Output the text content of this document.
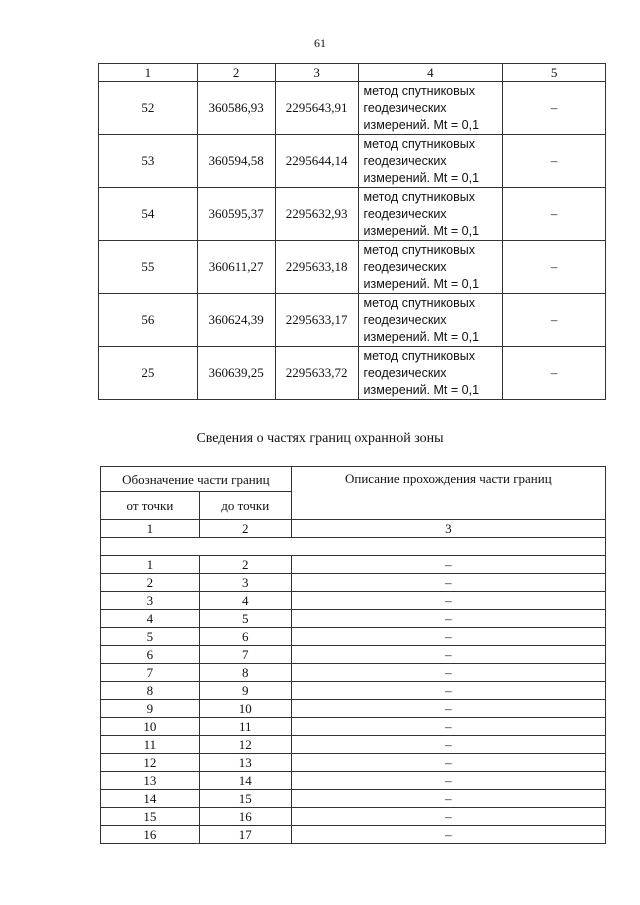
61
1	2	3	4	5
52	360586,93	2295643,91	метод спутниковых
геодезических
измерений. Mt = 0,1	–
53	360594,58	2295644,14	метод спутниковых
геодезических
измерений. Mt = 0,1	–
54	360595,37	2295632,93	метод спутниковых
геодезических
измерений. Mt = 0,1	–
55	360611,27	2295633,18	метод спутниковых
геодезических
измерений. Mt = 0,1	–
56	360624,39	2295633,17	метод спутниковых
геодезических
измерений. Mt = 0,1	–
25	360639,25	2295633,72	метод спутниковых
геодезических
измерений. Mt = 0,1	–
Сведения о частях границ охранной зоны
Обозначение части границ		Описание прохождения части границ
от точки	до точки	
1	2	3

1	2	–
2	3	–
3	4	–
4	5	–
5	6	–
6	7	–
7	8	–
8	9	–
9	10	–
10	11	–
11	12	–
12	13	–
13	14	–
14	15	–
15	16	–
16	17	–
